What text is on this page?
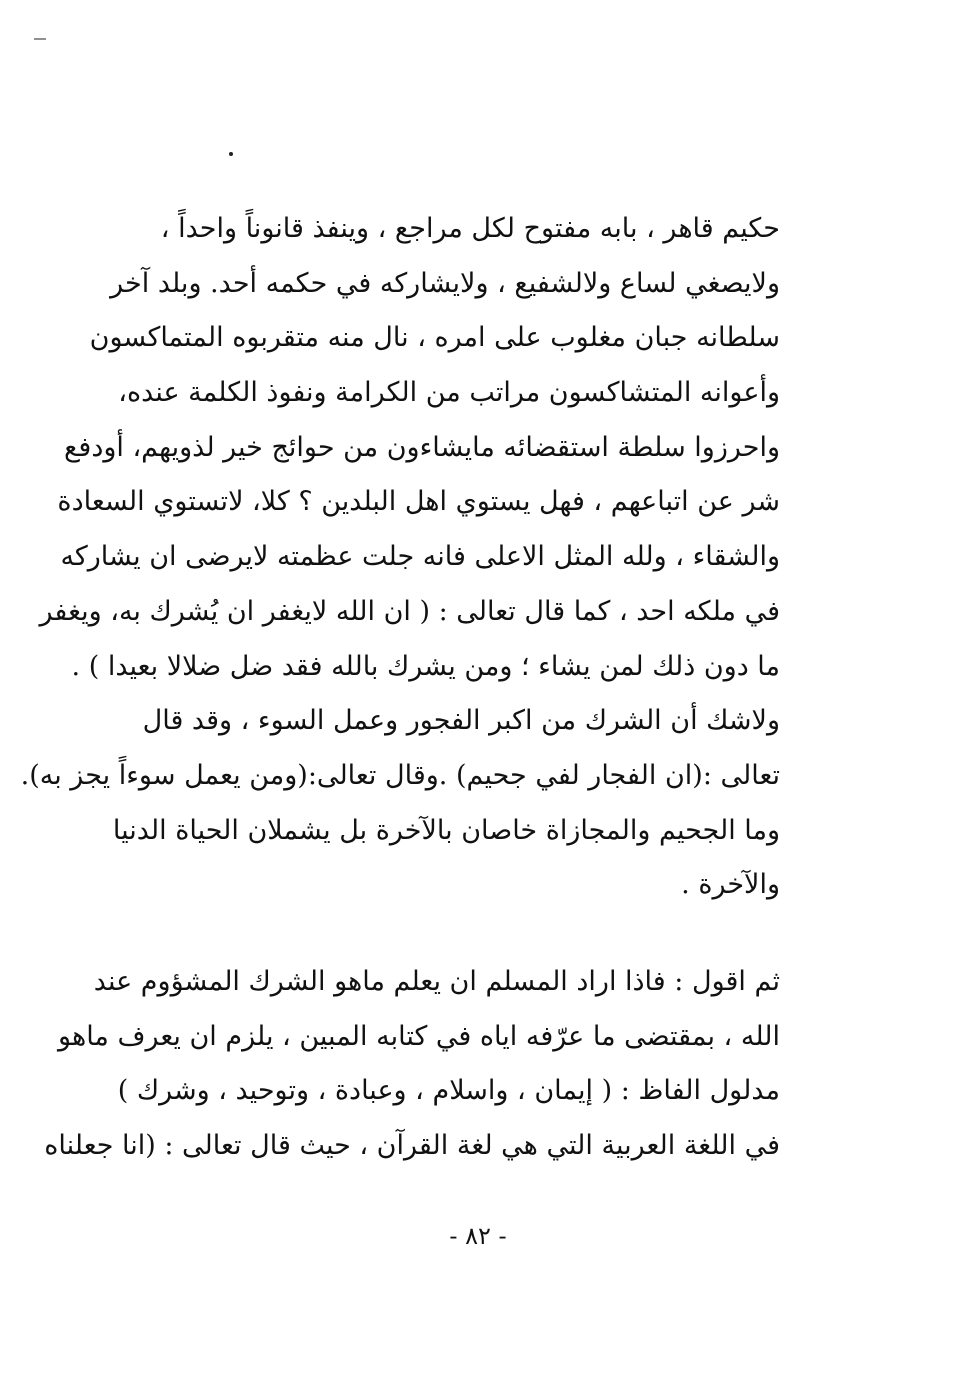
حكيم قاهر ، بابه مفتوح لكل مراجع ، وينفذ قانوناً واحداً ،
ولايصغي لساع ولالشفيع ، ولايشاركه في حكمه أحد. وبلد آخر
سلطانه جبان مغلوب على امره ، نال منه متقربوه المتماكسون
وأعوانه المتشاكسون مراتب من الكرامة ونفوذ الكلمة عنده،
واحرزوا سلطة استقضائه مايشاءون من حوائج خير لذويهم، أودفع
شر عن اتباعهم ، فهل يستوي اهل البلدين ؟ كلا، لاتستوي السعادة
والشقاء ، ولله المثل الاعلى فانه جلت عظمته لايرضى ان يشاركه
في ملكه احد ، كما قال تعالى : ( ان الله لايغفر ان يُشرك به، ويغفر
ما دون ذلك لمن يشاء ؛ ومن يشرك بالله فقد ضل ضلالا بعيدا ) .
ولاشك أن الشرك من اكبر الفجور وعمل السوء ، وقد قال
تعالى :(ان الفجار لفي جحيم) .وقال تعالى:(ومن يعمل سوءاً يجز به).
وما الجحيم والمجازاة خاصان بالآخرة بل يشملان الحياة الدنيا
والآخرة .
ثم اقول : فاذا اراد المسلم ان يعلم ماهو الشرك المشؤوم عند
الله ، بمقتضى ما عرّفه اياه في كتابه المبين ، يلزم ان يعرف ماهو
مدلول الفاظ : ( إيمان ، واسلام ، وعبادة ، وتوحيد ، وشرك )
في اللغة العربية التي هي لغة القرآن ، حيث قال تعالى : (انا جعلناه
- ٨٢ -
